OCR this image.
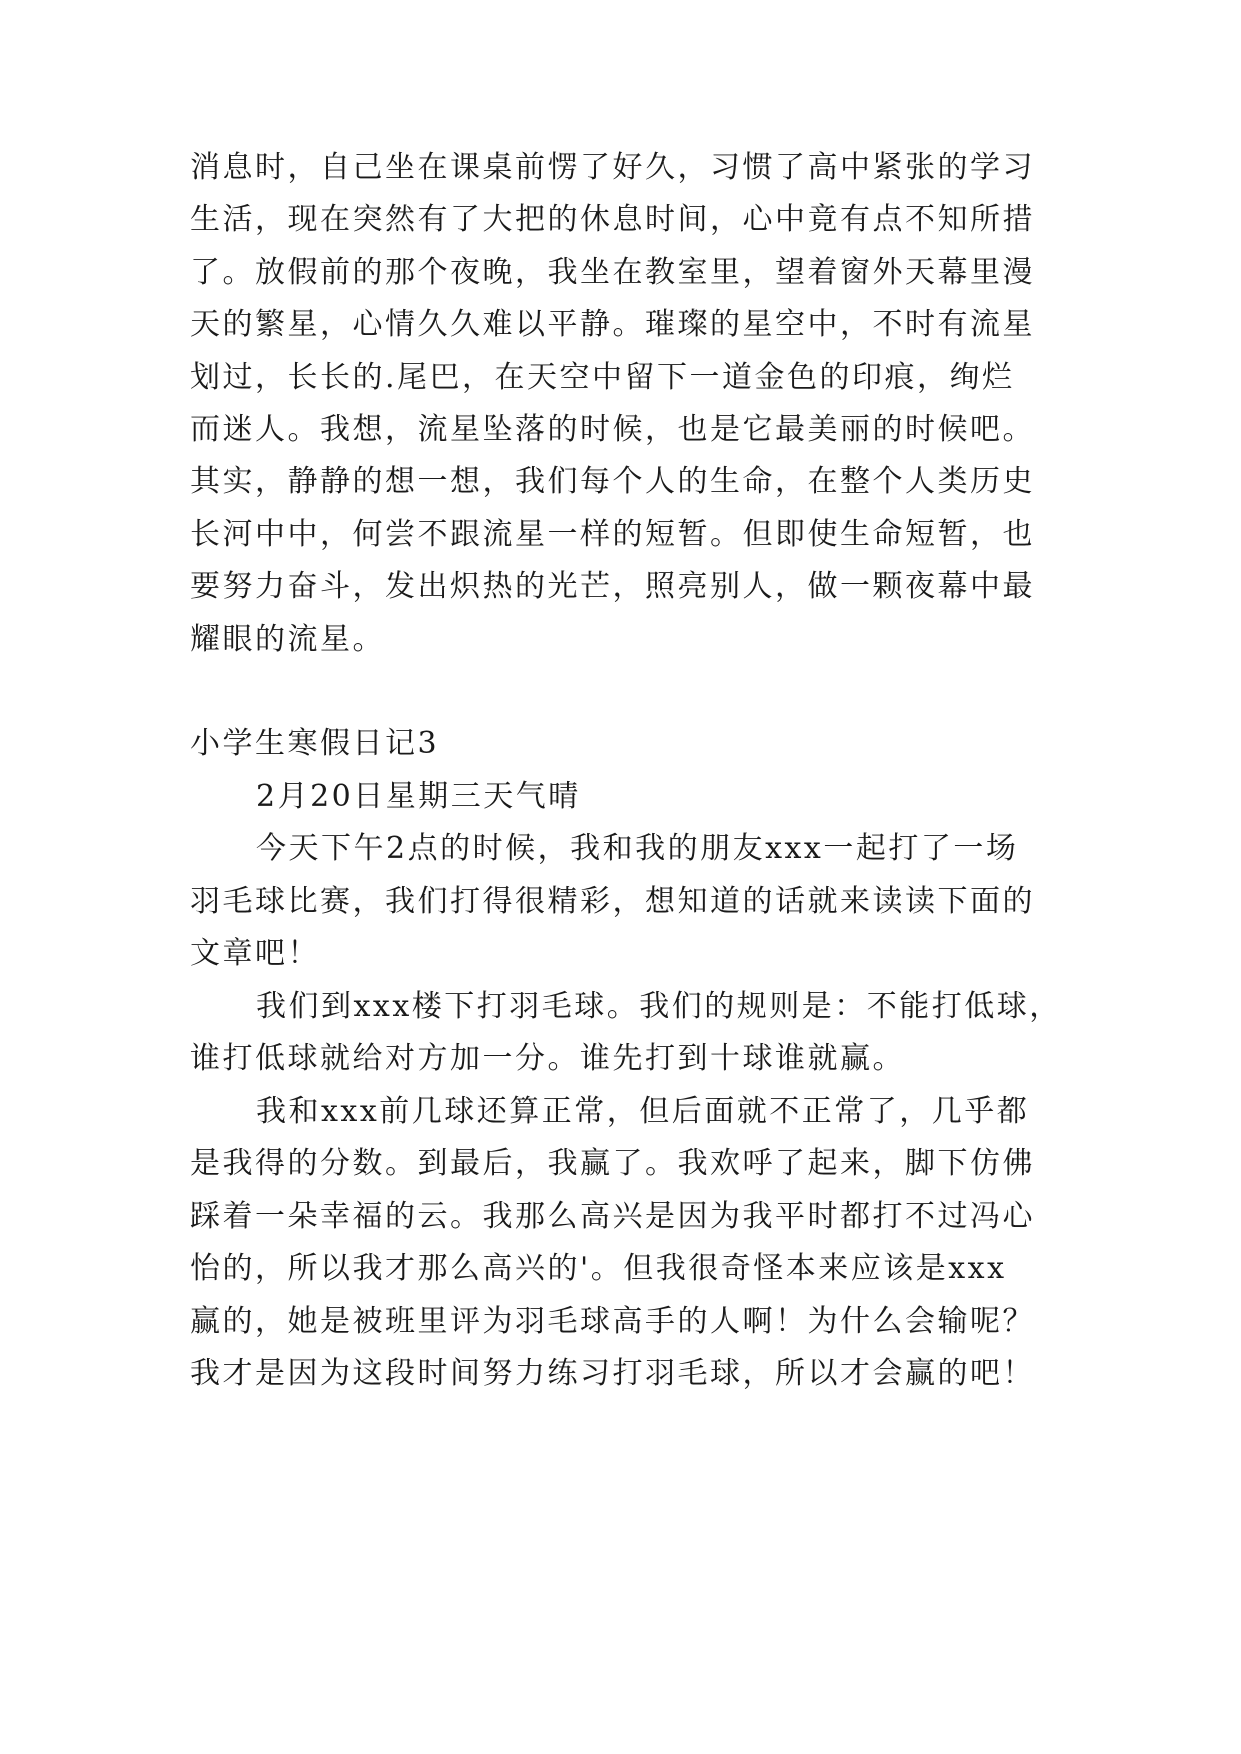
消息时，自己坐在课桌前愣了好久，习惯了高中紧张的学习
生活，现在突然有了大把的休息时间，心中竟有点不知所措
了。放假前的那个夜晚，我坐在教室里，望着窗外天幕里漫
天的繁星，心情久久难以平静。璀璨的星空中，不时有流星
划过，长长的.尾巴，在天空中留下一道金色的印痕，绚烂
而迷人。我想，流星坠落的时候，也是它最美丽的时候吧。
其实，静静的想一想，我们每个人的生命，在整个人类历史
长河中中，何尝不跟流星一样的短暂。但即使生命短暂，也
要努力奋斗，发出炽热的光芒，照亮别人，做一颗夜幕中最
耀眼的流星。
小学生寒假日记3
2月20日星期三天气晴
今天下午2点的时候，我和我的朋友xxx一起打了一场
羽毛球比赛，我们打得很精彩，想知道的话就来读读下面的
文章吧！
我们到xxx楼下打羽毛球。我们的规则是：不能打低球，
谁打低球就给对方加一分。谁先打到十球谁就赢。
我和xxx前几球还算正常，但后面就不正常了，几乎都
是我得的分数。到最后，我赢了。我欢呼了起来，脚下仿佛
踩着一朵幸福的云。我那么高兴是因为我平时都打不过冯心
怡的，所以我才那么高兴的'。但我很奇怪本来应该是xxx
赢的，她是被班里评为羽毛球高手的人啊！为什么会输呢？
我才是因为这段时间努力练习打羽毛球，所以才会赢的吧！
